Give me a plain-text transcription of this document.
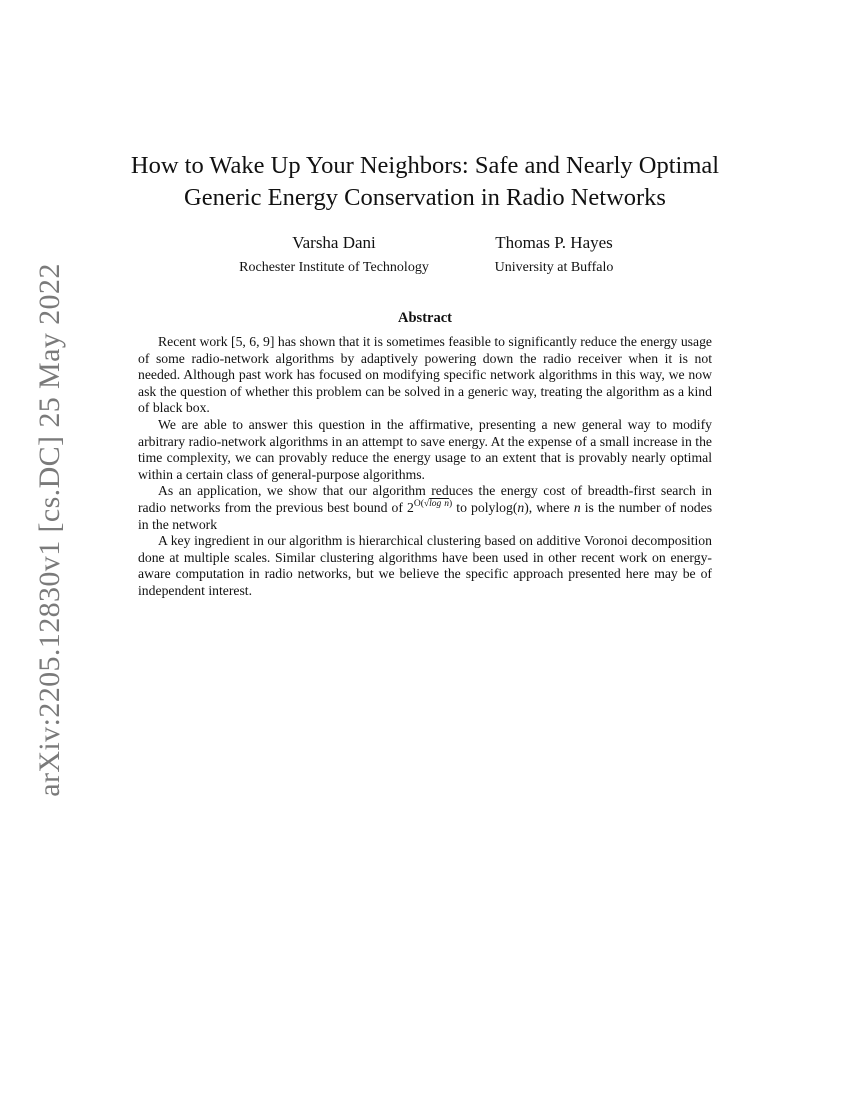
arXiv:2205.12830v1 [cs.DC] 25 May 2022
How to Wake Up Your Neighbors: Safe and Nearly Optimal
Generic Energy Conservation in Radio Networks
Varsha Dani
Rochester Institute of Technology
Thomas P. Hayes
University at Buffalo
Abstract

Recent work [5, 6, 9] has shown that it is sometimes feasible to significantly reduce the energy usage of some radio-network algorithms by adaptively powering down the radio receiver when it is not needed. Although past work has focused on modifying specific network algorithms in this way, we now ask the question of whether this problem can be solved in a generic way, treating the algorithm as a kind of black box.

We are able to answer this question in the affirmative, presenting a new general way to modify arbitrary radio-network algorithms in an attempt to save energy. At the expense of a small increase in the time complexity, we can provably reduce the energy usage to an extent that is provably nearly optimal within a certain class of general-purpose algorithms.

As an application, we show that our algorithm reduces the energy cost of breadth-first search in radio networks from the previous best bound of $2^{O(√log n)}$ to polylog(n), where n is the number of nodes in the network

A key ingredient in our algorithm is hierarchical clustering based on additive Voronoi decomposition done at multiple scales. Similar clustering algorithms have been used in other recent work on energy-aware computation in radio networks, but we believe the specific approach presented here may be of independent interest.
